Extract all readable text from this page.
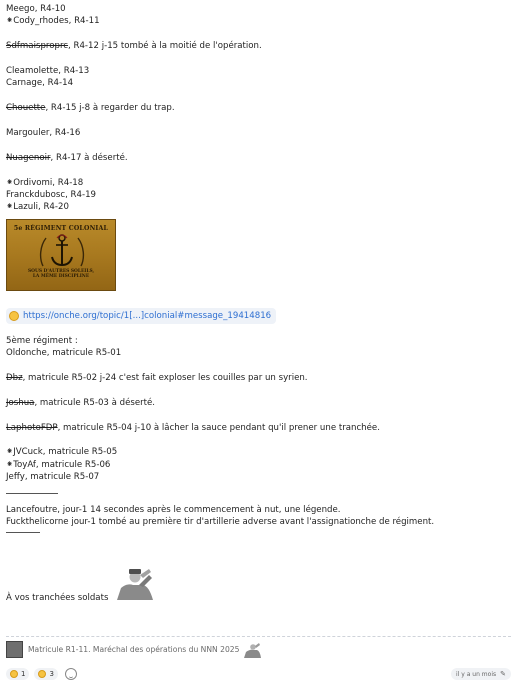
Meego, R4-10
⁕Cody_rhodes, R4-11
Sdfmaisproprc, R4-12 j-15 tombé à la moitié de l'opération.
Cleamolette, R4-13
Carnage, R4-14
Chouette, R4-15 j-8 à regarder du trap.
Margouler, R4-16
Nuagenoir, R4-17 à déserté.
⁕Ordivomi, R4-18
Franckdubosc, R4-19
⁕Lazuli, R4-20
5e RÉGIMENT COLONIAL
SOUS D'AUTRES SOLEILS,
LA MÊME DISCIPLINE
https://onche.org/topic/1[...]colonial#message_19414816
5ème régiment :
Oldonche, matricule R5-01
Dbz, matricule R5-02 j-24 c'est fait exploser les couilles par un syrien.
Joshua, matricule R5-03 à déserté.
LaphotoFDP, matricule R5-04 j-10 à lâcher la sauce pendant qu'il prener une tranchée.
⁕JVCuck, matricule R5-05
⁕ToyAf, matricule R5-06
Jeffy, matricule R5-07
Lancefoutre, jour-1 14 secondes après le commencement à nut, une légende.
Fuckthelicorne jour-1 tombé au première tir d'artillerie adverse avant l'assignationche de régiment.
À vos tranchées soldats
Matricule R1-11. Maréchal des opérations du NNN 2025
1	3	il y a un mois ✎
